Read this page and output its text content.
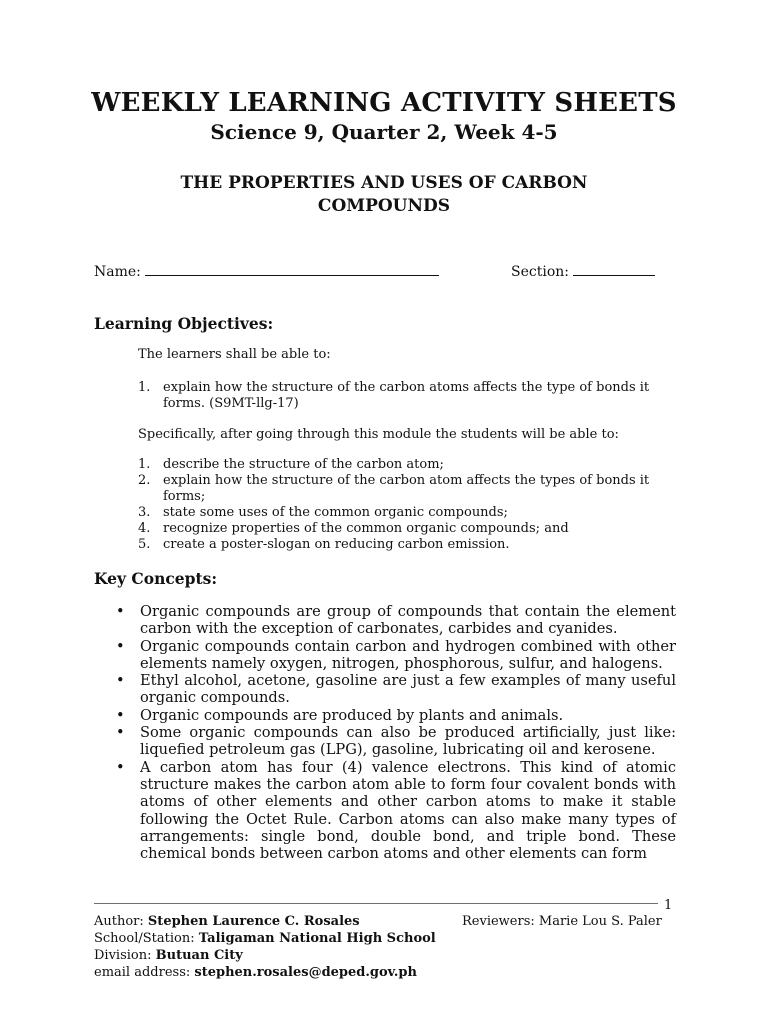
WEEKLY LEARNING ACTIVITY SHEETS
Science 9, Quarter 2, Week 4-5
THE PROPERTIES AND USES OF CARBON
COMPOUNDS
Name:	Section:
Learning Objectives:

The learners shall be able to:

1. explain how the structure of the carbon atoms affects the type of bonds it
forms. (S9MT-llg-17)

Specifically, after going through this module the students will be able to:

1. describe the structure of the carbon atom;
2. explain how the structure of the carbon atom affects the types of bonds it
forms;
3. state some uses of the common organic compounds;
4. recognize properties of the common organic compounds; and
5. create a poster-slogan on reducing carbon emission.
Key Concepts:
• Organic compounds are group of compounds that contain the element carbon with the exception of carbonates, carbides and cyanides.
• Organic compounds contain carbon and hydrogen combined with other elements namely oxygen, nitrogen, phosphorous, sulfur, and halogens.
• Ethyl alcohol, acetone, gasoline are just a few examples of many useful organic compounds.
• Organic compounds are produced by plants and animals.
• Some organic compounds can also be produced artificially, just like: liquefied petroleum gas (LPG), gasoline, lubricating oil and kerosene.
• A carbon atom has four (4) valence electrons. This kind of atomic structure makes the carbon atom able to form four covalent bonds with atoms of other elements and other carbon atoms to make it stable following the Octet Rule. Carbon atoms can also make many types of arrangements: single bond, double bond, and triple bond. These chemical bonds between carbon atoms and other elements can form
1

Author: Stephen Laurence C. Rosales	Reviewers: Marie Lou S. Paler

School/Station: Taligaman National High School

Division: Butuan City

email address: stephen.rosales@deped.gov.ph
